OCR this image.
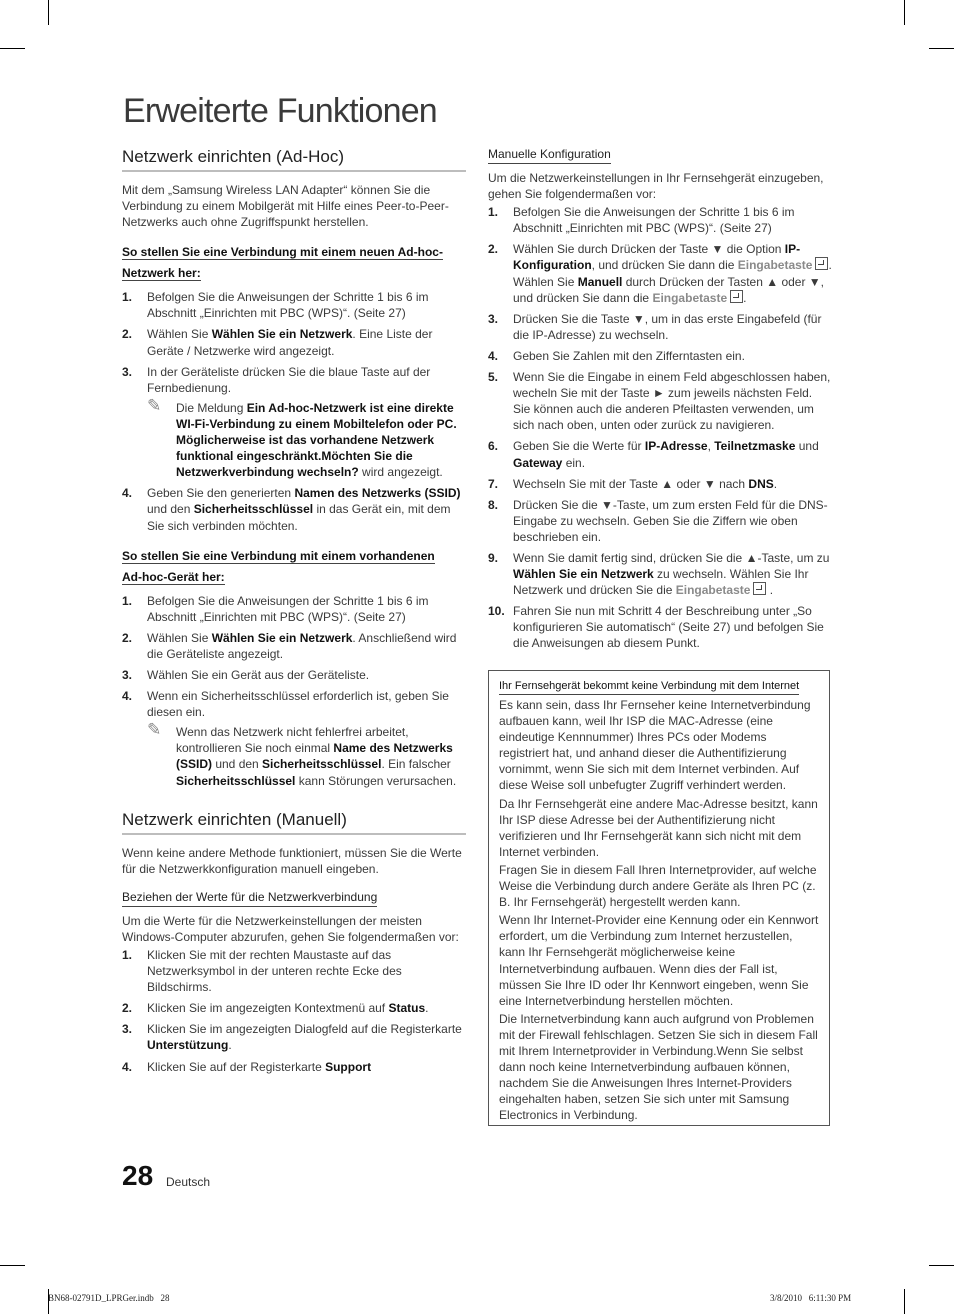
Erweiterte Funktionen
Netzwerk einrichten (Ad-Hoc)

Mit dem „Samsung Wireless LAN Adapter“ können Sie die Verbindung zu einem Mobilgerät mit Hilfe eines Peer-to-Peer-Netzwerks auch ohne Zugriffspunkt herstellen.

So stellen Sie eine Verbindung mit einem neuen Ad-hoc-Netzwerk her:
1. Befolgen Sie die Anweisungen der Schritte 1 bis 6 im Abschnitt „Einrichten mit PBC (WPS)“. (Seite 27)
2. Wählen Sie Wählen Sie ein Netzwerk. Eine Liste der Geräte / Netzwerke wird angezeigt.
3. In der Geräteliste drücken Sie die blaue Taste auf der Fernbedienung.
✎ Die Meldung Ein Ad-hoc-Netzwerk ist eine direkte WI-Fi-Verbindung zu einem Mobiltelefon oder PC. Möglicherweise ist das vorhandene Netzwerk funktional eingeschränkt.Möchten Sie die Netzwerkverbindung wechseln? wird angezeigt.
4. Geben Sie den generierten Namen des Netzwerks (SSID) und den Sicherheitsschlüssel in das Gerät ein, mit dem Sie sich verbinden möchten.
So stellen Sie eine Verbindung mit einem vorhandenen Ad-hoc-Gerät her:
1. Befolgen Sie die Anweisungen der Schritte 1 bis 6 im Abschnitt „Einrichten mit PBC (WPS)“. (Seite 27)
2. Wählen Sie Wählen Sie ein Netzwerk. Anschließend wird die Geräteliste angezeigt.
3. Wählen Sie ein Gerät aus der Geräteliste.
4. Wenn ein Sicherheitsschlüssel erforderlich ist, geben Sie diesen ein.
✎ Wenn das Netzwerk nicht fehlerfrei arbeitet, kontrollieren Sie noch einmal Name des Netzwerks (SSID) und den Sicherheitsschlüssel. Ein falscher Sicherheitsschlüssel kann Störungen verursachen.
Netzwerk einrichten (Manuell)

Wenn keine andere Methode funktioniert, müssen Sie die Werte für die Netzwerkkonfiguration manuell eingeben.

Beziehen der Werte für die Netzwerkverbindung

Um die Werte für die Netzwerkeinstellungen der meisten Windows-Computer abzurufen, gehen Sie folgendermaßen vor:

1. Klicken Sie mit der rechten Maustaste auf das Netzwerksymbol in der unteren rechte Ecke des Bildschirms.
2. Klicken Sie im angezeigten Kontextmenü auf Status.
3. Klicken Sie im angezeigten Dialogfeld auf die Registerkarte Unterstützung.
4. Klicken Sie auf der Registerkarte Support
Manuelle Konfiguration

Um die Netzwerkeinstellungen in Ihr Fernsehgerät einzugeben, gehen Sie folgendermaßen vor:

1. Befolgen Sie die Anweisungen der Schritte 1 bis 6 im Abschnitt „Einrichten mit PBC (WPS)“. (Seite 27)
2. Wählen Sie durch Drücken der Taste ▼ die Option IP-Konfiguration, und drücken Sie dann die Eingabetaste . Wählen Sie Manuell durch Drücken der Tasten ▲ oder ▼, und drücken Sie dann die Eingabetaste .
3. Drücken Sie die Taste ▼, um in das erste Eingabefeld (für die IP-Adresse) zu wechseln.
4. Geben Sie Zahlen mit den Zifferntasten ein.
5. Wenn Sie die Eingabe in einem Feld abgeschlossen haben, wecheln Sie mit der Taste ► zum jeweils nächsten Feld. Sie können auch die anderen Pfeiltasten verwenden, um sich nach oben, unten oder zurück zu navigieren.
6. Geben Sie die Werte für IP-Adresse, Teilnetzmaske und Gateway ein.
7. Wechseln Sie mit der Taste ▲ oder ▼ nach DNS.
8. Drücken Sie die ▼-Taste, um zum ersten Feld für die DNS-Eingabe zu wechseln. Geben Sie die Ziffern wie oben beschrieben ein.
9. Wenn Sie damit fertig sind, drücken Sie die ▲-Taste, um zu Wählen Sie ein Netzwerk zu wechseln. Wählen Sie Ihr Netzwerk und drücken Sie die Eingabetaste .
10. Fahren Sie nun mit Schritt 4 der Beschreibung unter „So konfigurieren Sie automatisch“ (Seite 27) und befolgen Sie die Anweisungen ab diesem Punkt.
Ihr Fernsehgerät bekommt keine Verbindung mit dem Internet

Es kann sein, dass Ihr Fernseher keine Internetverbindung aufbauen kann, weil Ihr ISP die MAC-Adresse (eine eindeutige Kennnummer) Ihres PCs oder Modems registriert hat, und anhand dieser die Authentifizierung vornimmt, wenn Sie sich mit dem Internet verbinden. Auf diese Weise soll unbefugter Zugriff verhindert werden.

Da Ihr Fernsehgerät eine andere Mac-Adresse besitzt, kann Ihr ISP diese Adresse bei der Authentifizierung nicht verifizieren und Ihr Fernsehgerät kann sich nicht mit dem Internet verbinden.

Fragen Sie in diesem Fall Ihren Internetprovider, auf welche Weise die Verbindung durch andere Geräte als Ihren PC (z. B. Ihr Fernsehgerät) hergestellt werden kann.

Wenn Ihr Internet-Provider eine Kennung oder ein Kennwort erfordert, um die Verbindung zum Internet herzustellen, kann Ihr Fernsehgerät möglicherweise keine Internetverbindung aufbauen. Wenn dies der Fall ist, müssen Sie Ihre ID oder Ihr Kennwort eingeben, wenn Sie eine Internetverbindung herstellen möchten.

Die Internetverbindung kann auch aufgrund von Problemen mit der Firewall fehlschlagen. Setzen Sie sich in diesem Fall mit Ihrem Internetprovider in Verbindung.Wenn Sie selbst dann noch keine Internetverbindung aufbauen können, nachdem Sie die Anweisungen Ihres Internet-Providers eingehalten haben, setzen Sie sich unter mit Samsung Electronics in Verbindung.

28 Deutsch
BN68-02791D_LPRGer.indb   28	3/8/2010   6:11:30 PM
